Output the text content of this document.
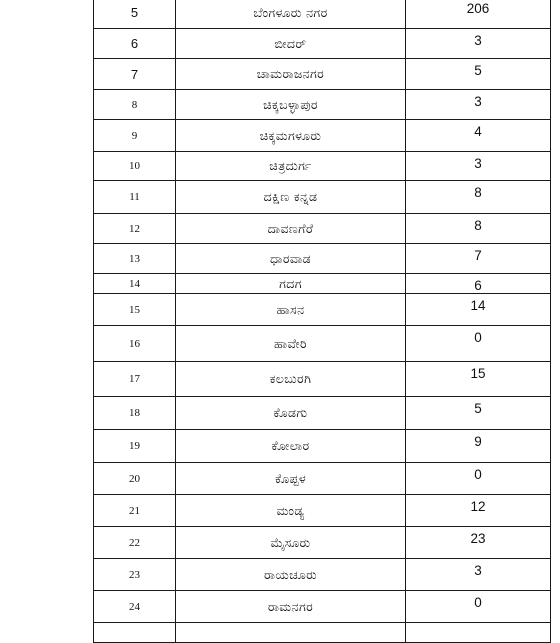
5	ಬೆಂಗಳೂರು ನಗರ	206
6	ಬೀದರ್	3
7	ಚಾಮರಾಜನಗರ	5
8	ಚಿಕ್ಕಬಳ್ಳಾಪುರ	3
9	ಚಿಕ್ಕಮಗಳೂರು	4
10	ಚಿತ್ರದುರ್ಗ	3
11	ದಕ್ಷಿಣ ಕನ್ನಡ	8
12	ದಾವಣಗೆರೆ	8
13	ಧಾರವಾಡ	7
14	ಗದಗ	6
15	ಹಾಸನ	14
16	ಹಾವೇರಿ	0
17	ಕಲಬುರಗಿ	15
18	ಕೊಡಗು	5
19	ಕೋಲಾರ	9
20	ಕೊಪ್ಪಳ	0
21	ಮಂಡ್ಯ	12
22	ಮೈಸೂರು	23
23	ರಾಯಚೂರು	3
24	ರಾಮನಗರ	0
